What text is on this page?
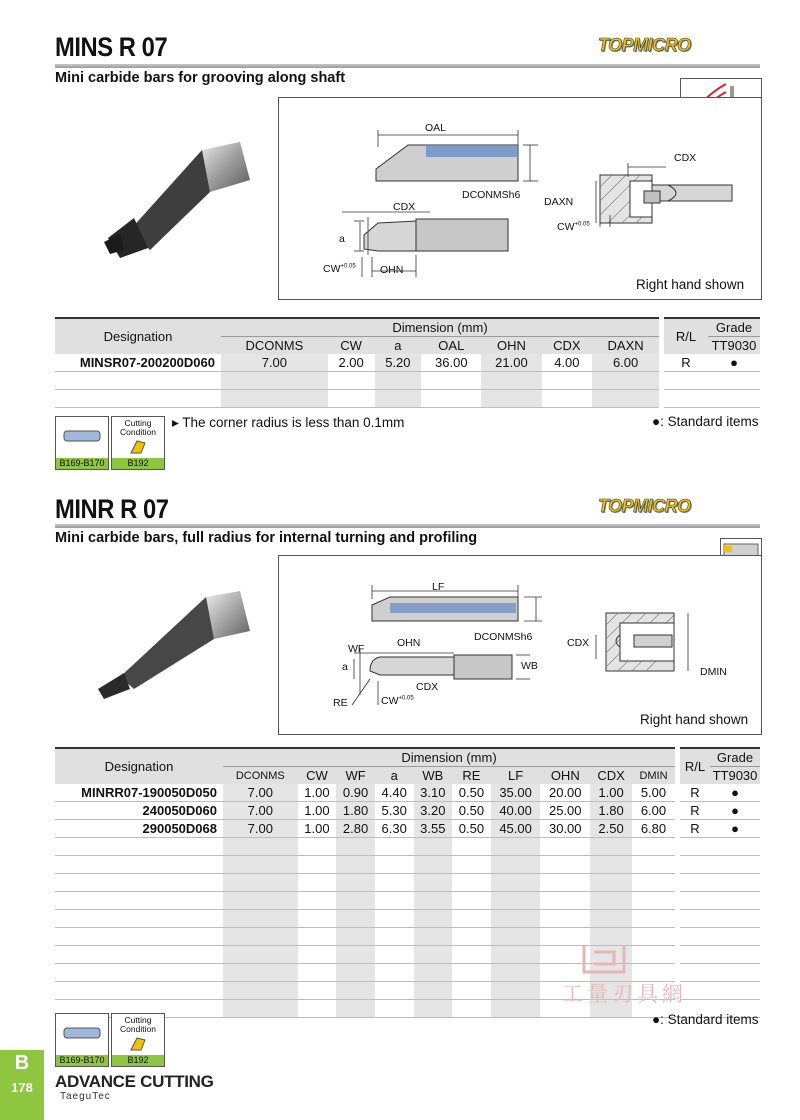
MINS R 07	TOPMICRO
Mini carbide bars for grooving along shaft
OAL
DCONMSh6
CDX
a
$CW^{+0.05}$ OHN
CDX
DAXN
$CW^{+0.05}$
Right hand shown
Designation	Dimension (mm)								R/L	Grade
	DCONMS	CW	a	OAL	OHN	CDX	DAXN			TT9030
MINSR07-200200D060	7.00	2.00	5.20	36.00	21.00	4.00	6.00		R	●

B169-B170
Cutting Condition
B192
▸ The corner radius is less than 0.1mm	●: Standard items
MINR R 07	TOPMICRO
Mini carbide bars, full radius for internal turning and profiling
LF
DCONMSh6
WF	OHN
a	WB
CDX
RE	$CW^{+0.05}$
CDX
DMIN
Right hand shown
Designation	Dimension (mm)											R/L	Grade
	DCONMS	CW	WF	a	WB	RE	LF	OHN	CDX	DMIN			TT9030
MINRR07-190050D050	7.00	1.00	0.90	4.40	3.10	0.50	35.00	20.00	1.00	5.00		R	●
240050D060	7.00	1.00	1.80	5.30	3.20	0.50	40.00	25.00	1.80	6.00		R	●
290050D068	7.00	1.00	2.80	6.30	3.55	0.50	45.00	30.00	2.50	6.80		R	●

工量刃具網
B169-B170
Cutting Condition
B192
●: Standard items
B
178	ADVANCE CUTTING
TaeguTec
